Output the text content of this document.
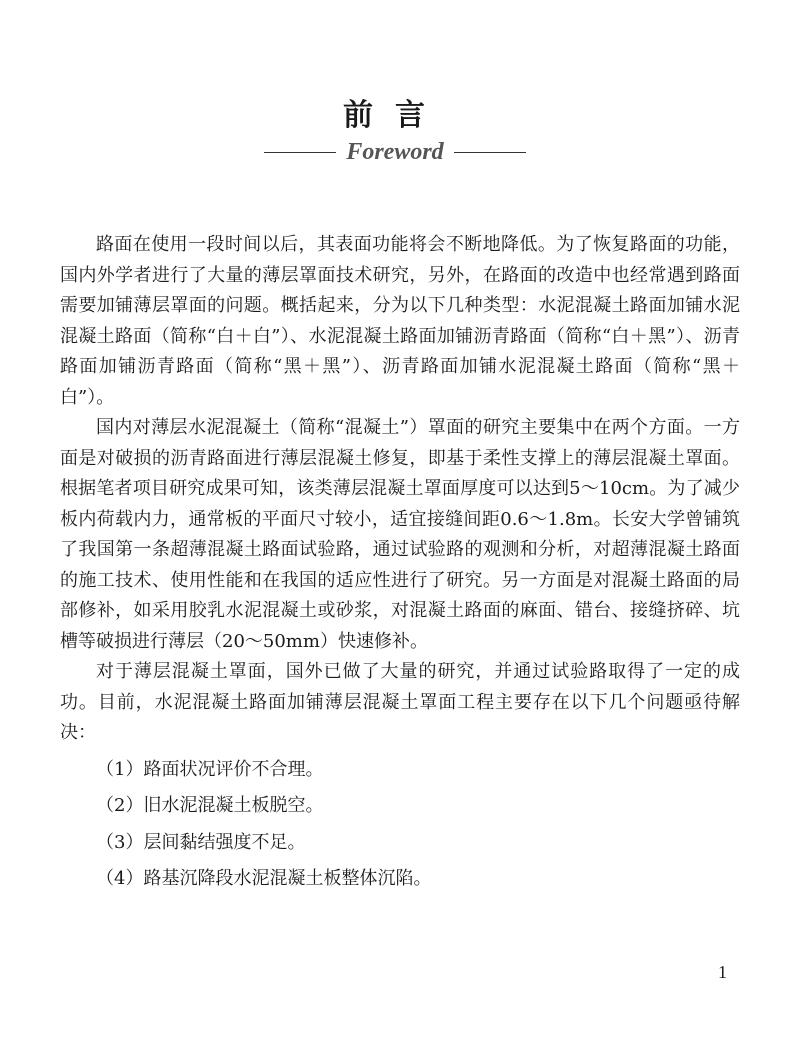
前言
Foreword

路面在使用一段时间以后，其表面功能将会不断地降低。为了恢复路面的功能，国内外学者进行了大量的薄层罩面技术研究，另外，在路面的改造中也经常遇到路面需要加铺薄层罩面的问题。概括起来，分为以下几种类型：水泥混凝土路面加铺水泥混凝土路面（简称“白＋白”）、水泥混凝土路面加铺沥青路面（简称“白＋黑”）、沥青路面加铺沥青路面（简称“黑＋黑”）、沥青路面加铺水泥混凝土路面（简称“黑＋白”）。

国内对薄层水泥混凝土（简称“混凝土”）罩面的研究主要集中在两个方面。一方面是对破损的沥青路面进行薄层混凝土修复，即基于柔性支撑上的薄层混凝土罩面。根据笔者项目研究成果可知，该类薄层混凝土罩面厚度可以达到5～10cm。为了减少板内荷载内力，通常板的平面尺寸较小，适宜接缝间距0.6～1.8m。长安大学曾铺筑了我国第一条超薄混凝土路面试验路，通过试验路的观测和分析，对超薄混凝土路面的施工技术、使用性能和在我国的适应性进行了研究。另一方面是对混凝土路面的局部修补，如采用胶乳水泥混凝土或砂浆，对混凝土路面的麻面、错台、接缝挤碎、坑槽等破损进行薄层（20～50mm）快速修补。

对于薄层混凝土罩面，国外已做了大量的研究，并通过试验路取得了一定的成功。目前，水泥混凝土路面加铺薄层混凝土罩面工程主要存在以下几个问题亟待解决：

（1）路面状况评价不合理。

（2）旧水泥混凝土板脱空。

（3）层间黏结强度不足。

（4）路基沉降段水泥混凝土板整体沉陷。

1
